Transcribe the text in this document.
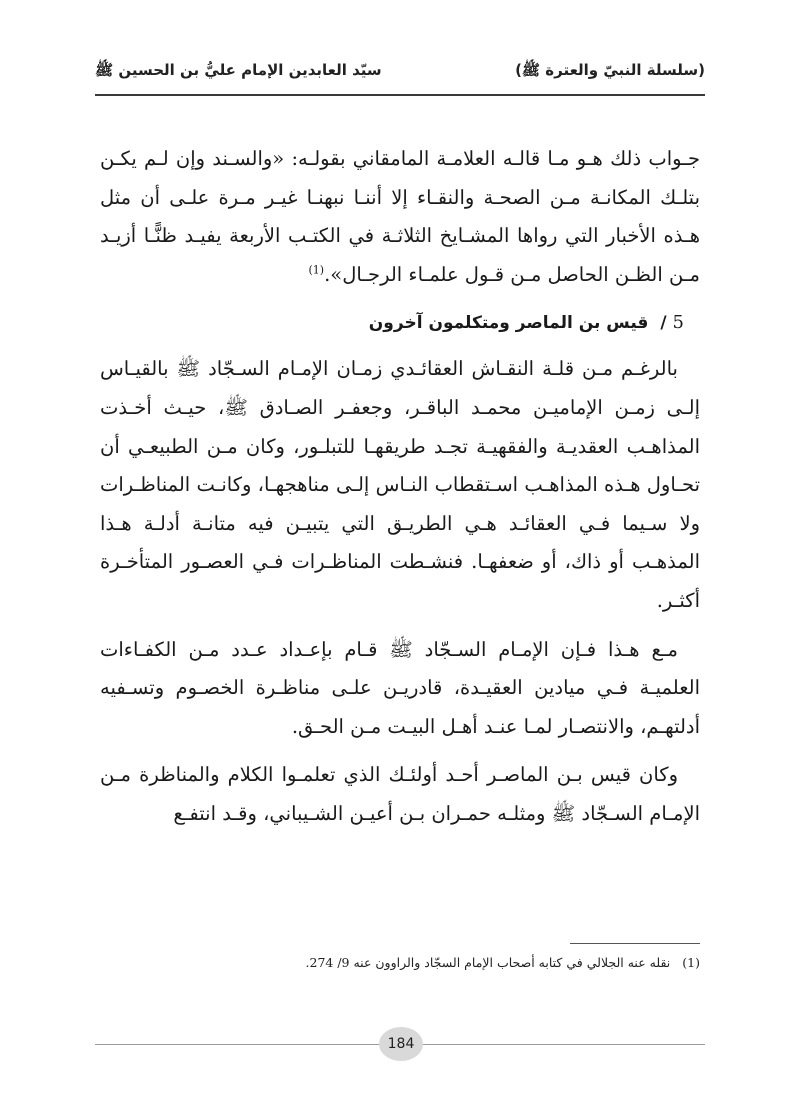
(سلسلة النبيّ والعترة ﷺ)
سيّد العابدين الإمام عليُّ بن الحسين ﷺ

جـواب ذلك هـو مـا قالـه العلامـة المامقاني بقولـه: «والسـند وإن لـم يكـن بتلـك المكانـة مـن الصحـة والنقـاء إلا أننـا نبهنـا غيـر مـرة علـى أن مثل هـذه الأخبار التي رواها المشـايخ الثلاثـة في الكتـب الأربعة يفيـد ظنًّـا أزيـد مـن الظـن الحاصل مـن قـول علمـاء الرجـال».$^{(1)}$

5/ قيس بن الماصر ومتكلمون آخرون

بالرغـم مـن قلـة النقـاش العقائـدي زمـان الإمـام السـجّاد ﷺ بالقيـاس إلـى زمـن الإماميـن محمـد الباقـر، وجعفـر الصـادق ﷺ، حيـث أخـذت المذاهـب العقديـة والفقهيـة تجـد طريقهـا للتبلـور، وكان مـن الطبيعـي أن تحـاول هـذه المذاهـب اسـتقطاب النـاس إلـى مناهجهـا، وكانـت المناظـرات ولا سـيما فـي العقائـد هـي الطريـق التي يتبيـن فيه متانـة أدلـة هـذا المذهـب أو ذاك، أو ضعفهـا. فنشـطت المناظـرات فـي العصـور المتأخـرة أكثـر.

مـع هـذا فـإن الإمـام السـجّاد ﷺ قـام بإعـداد عـدد مـن الكفـاءات العلميـة فـي ميادين العقيـدة، قادريـن علـى مناظـرة الخصـوم وتسـفيه أدلتهـم، والانتصـار لمـا عنـد أهـل البيـت مـن الحـق.

وكان قيس بـن الماصـر أحـد أولئـك الذي تعلمـوا الكلام والمناظرة مـن الإمـام السـجّاد ﷺ ومثلـه حمـران بـن أعيـن الشـيباني، وقـد انتفـع

(1) نقله عنه الجلالي في كتابه أصحاب الإمام السجّاد والراوون عنه 9/ 274.
184
